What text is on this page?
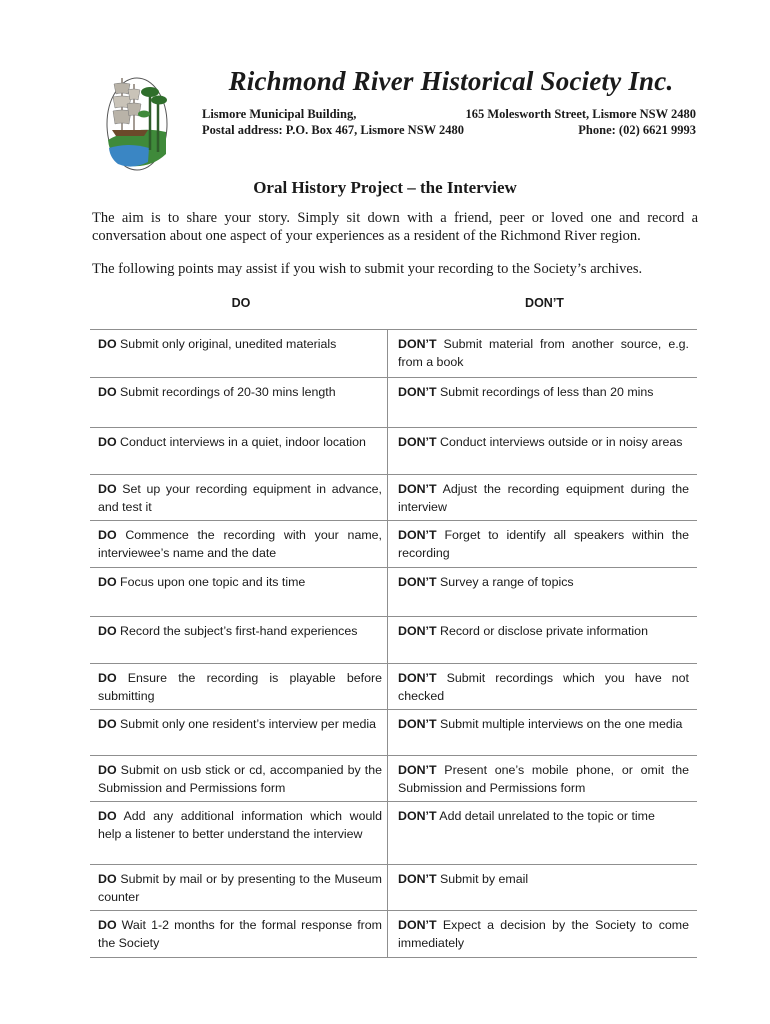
Richmond River Historical Society Inc.
Lismore Municipal Building,	165 Molesworth Street, Lismore NSW 2480
Postal address: P.O. Box 467, Lismore NSW 2480	Phone: (02) 6621 9993
Oral History Project – the Interview
The aim is to share your story. Simply sit down with a friend, peer or loved one and record a conversation about one aspect of your experiences as a resident of the Richmond River region.
The following points may assist if you wish to submit your recording to the Society’s archives.
DO	DON’T
DO Submit only original, unedited materials	DON’T Submit material from another source, e.g. from a book
DO Submit recordings of 20-30 mins length	DON’T Submit recordings of less than 20 mins
DO Conduct interviews in a quiet, indoor location	DON’T Conduct interviews outside or in noisy areas
DO Set up your recording equipment in advance, and test it	DON’T Adjust the recording equipment during the interview
DO Commence the recording with your name, interviewee’s name and the date	DON’T Forget to identify all speakers within the recording
DO Focus upon one topic and its time	DON’T Survey a range of topics
DO Record the subject’s first-hand experiences	DON’T Record or disclose private information
DO Ensure the recording is playable before submitting	DON’T Submit recordings which you have not checked
DO Submit only one resident’s interview per media	DON’T Submit multiple interviews on the one media
DO Submit on usb stick or cd, accompanied by the Submission and Permissions form	DON’T Present one’s mobile phone, or omit the Submission and Permissions form
DO Add any additional information which would help a listener to better understand the interview	DON’T Add detail unrelated to the topic or time
DO Submit by mail or by presenting to the Museum counter	DON’T Submit by email
DO Wait 1-2 months for the formal response from the Society	DON’T Expect a decision by the Society to come immediately
